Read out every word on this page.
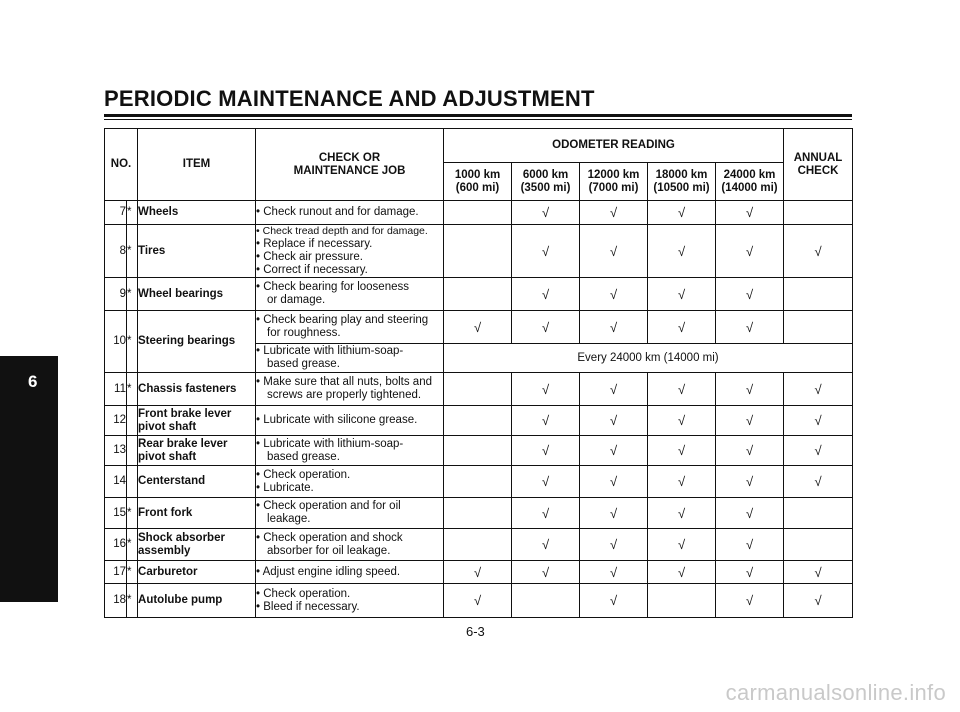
PERIODIC MAINTENANCE AND ADJUSTMENT
6
NO.		ITEM	CHECK OR
MAINTENANCE JOB	ODOMETER READING					ANNUAL
CHECK

				1000 km
(600 mi)	6000 km
(3500 mi)	12000 km
(7000 mi)	18000 km
(10500 mi)	24000 km
(14000 mi)	

7	*	Wheels	• Check runout and for damage.		√	√	√	√	
8	*	Tires	• Check tread depth and for damage.
• Replace if necessary.
• Check air pressure.
• Correct if necessary.		√	√	√	√	√
9	*	Wheel bearings	• Check bearing for looseness
or damage.		√	√	√	√	
10	*	Steering bearings	• Check bearing play and steering
for roughness.	√	√	√	√	√	

			• Lubricate with lithium-soap-
based grease.	Every 24000 km (14000 mi)					
11	*	Chassis fasteners	• Make sure that all nuts, bolts and
screws are properly tightened.		√	√	√	√	√
12		Front brake lever
pivot shaft	• Lubricate with silicone grease.		√	√	√	√	√
13		Rear brake lever
pivot shaft	• Lubricate with lithium-soap-
based grease.		√	√	√	√	√
14		Centerstand	• Check operation.
• Lubricate.		√	√	√	√	√
15	*	Front fork	• Check operation and for oil
leakage.		√	√	√	√	
16	*	Shock absorber
assembly	• Check operation and shock
absorber for oil leakage.		√	√	√	√	
17	*	Carburetor	• Adjust engine idling speed.	√	√	√	√	√	√
18	*	Autolube pump	• Check operation.
• Bleed if necessary.	√		√		√	√
6-3
carmanualsonline.info
